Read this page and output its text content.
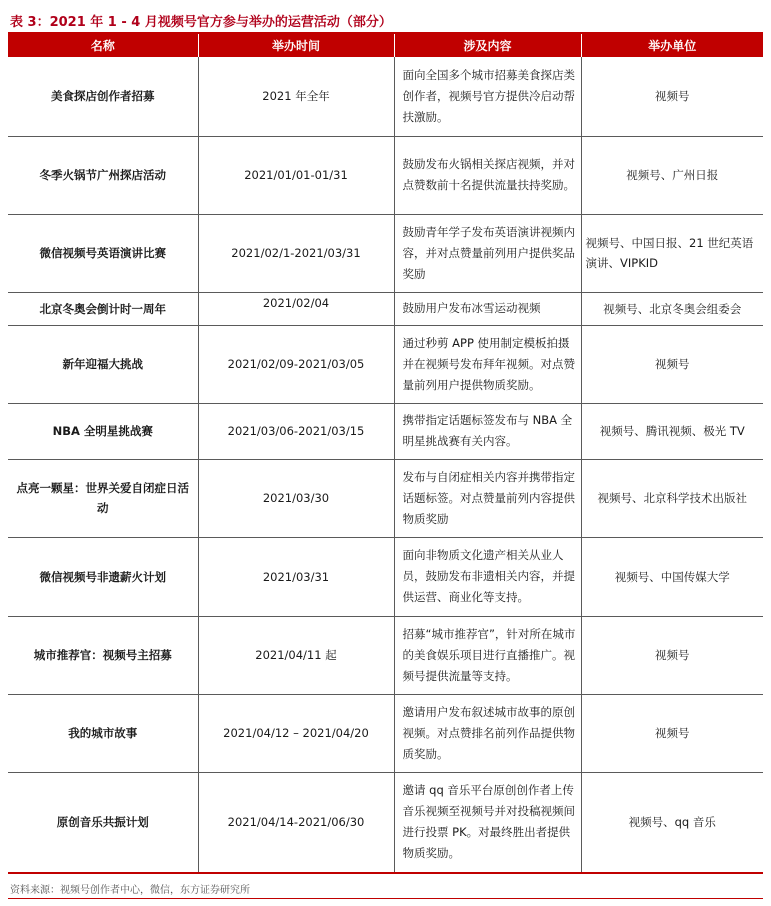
表 3：2021 年 1 - 4 月视频号官方参与举办的运营活动（部分）
名称	举办时间	涉及内容	举办单位
美食探店创作者招募	2021 年全年	面向全国多个城市招募美食探店类创作者，视频号官方提供冷启动帮扶激励。	视频号
冬季火锅节广州探店活动	2021/01/01-01/31	鼓励发布火锅相关探店视频，并对点赞数前十名提供流量扶持奖励。	视频号、广州日报
微信视频号英语演讲比赛	2021/02/1-2021/03/31	鼓励青年学子发布英语演讲视频内容，并对点赞量前列用户提供奖品奖励	视频号、中国日报、21 世纪英语演讲、VIPKID
北京冬奥会倒计时一周年	2021/02/04	鼓励用户发布冰雪运动视频	视频号、北京冬奥会组委会
新年迎福大挑战	2021/02/09-2021/03/05	通过秒剪 APP 使用制定模板拍摄并在视频号发布拜年视频。对点赞量前列用户提供物质奖励。	视频号
NBA 全明星挑战赛	2021/03/06-2021/03/15	携带指定话题标签发布与 NBA 全明星挑战赛有关内容。	视频号、腾讯视频、极光 TV
点亮一颗星：世界关爱自闭症日活动	2021/03/30	发布与自闭症相关内容并携带指定话题标签。对点赞量前列内容提供物质奖励	视频号、北京科学技术出版社
微信视频号非遗薪火计划	2021/03/31	面向非物质文化遗产相关从业人员，鼓励发布非遗相关内容，并提供运营、商业化等支持。	视频号、中国传媒大学
城市推荐官：视频号主招募	2021/04/11 起	招募“城市推荐官”，针对所在城市的美食娱乐项目进行直播推广。视频号提供流量等支持。	视频号
我的城市故事	2021/04/12 – 2021/04/20	邀请用户发布叙述城市故事的原创视频。对点赞排名前列作品提供物质奖励。	视频号
原创音乐共振计划	2021/04/14-2021/06/30	邀请 qq 音乐平台原创创作者上传音乐视频至视频号并对投稿视频间进行投票 PK。对最终胜出者提供物质奖励。	视频号、qq 音乐
资料来源：视频号创作者中心，微信，东方证券研究所
